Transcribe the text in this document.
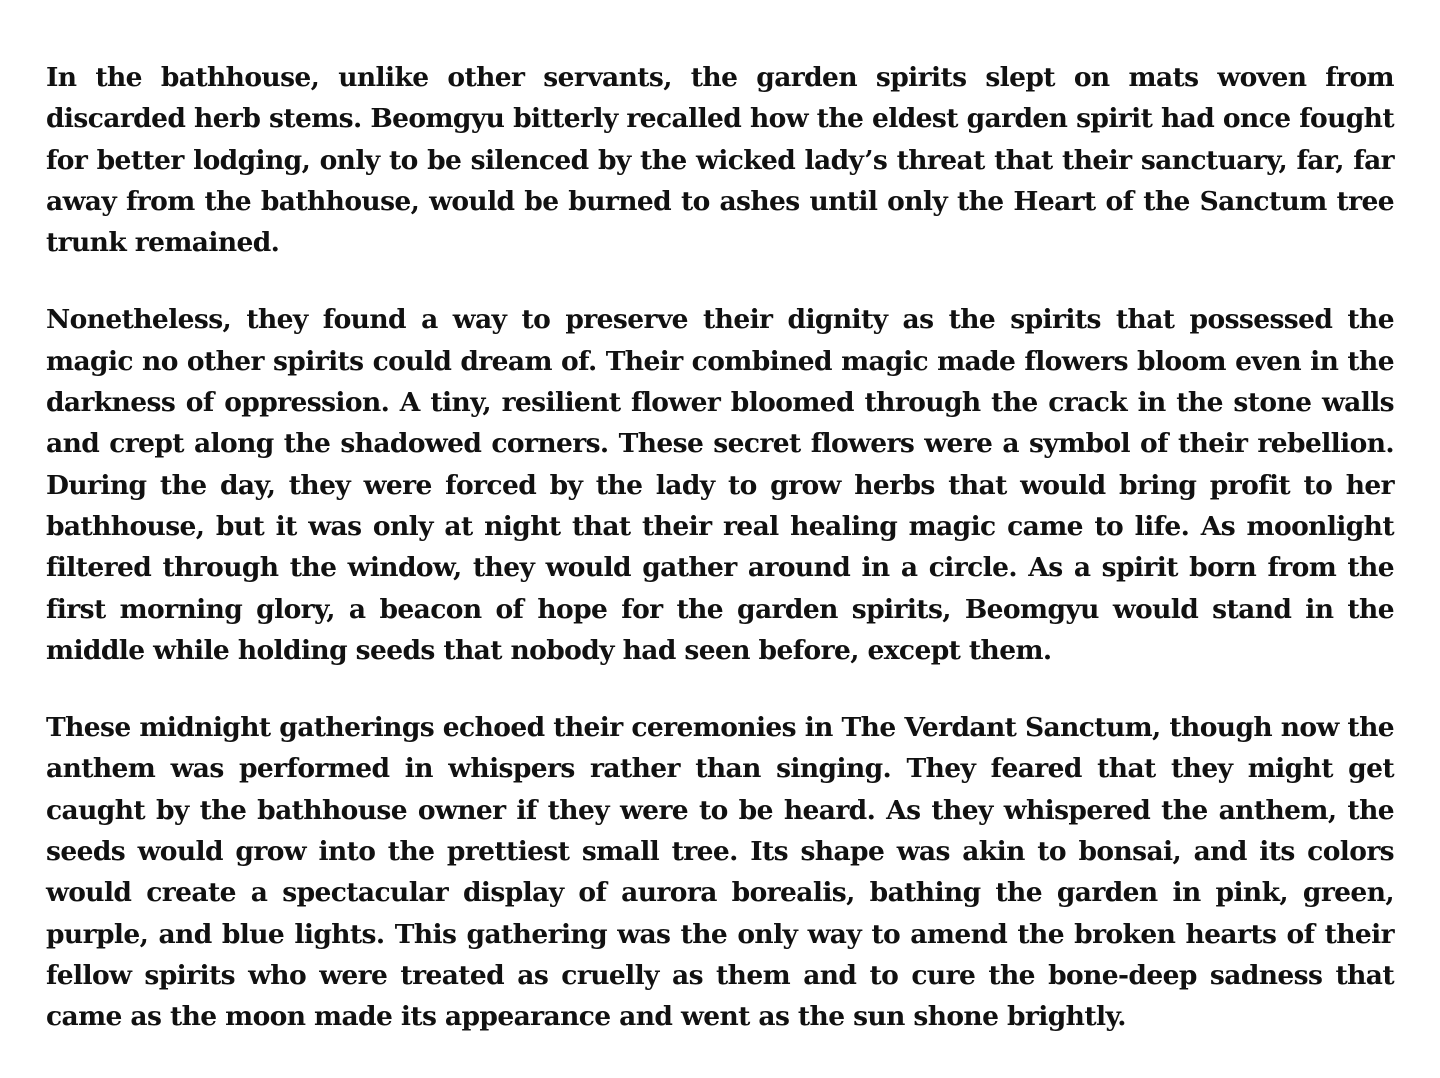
In the bathhouse, unlike other servants, the garden spirits slept on mats woven from discarded herb stems. Beomgyu bitterly recalled how the eldest garden spirit had once fought for better lodging, only to be silenced by the wicked lady’s threat that their sanctuary, far, far away from the bathhouse, would be burned to ashes until only the Heart of the Sanctum tree trunk remained.

Nonetheless, they found a way to preserve their dignity as the spirits that possessed the magic no other spirits could dream of. Their combined magic made flowers bloom even in the darkness of oppression. A tiny, resilient flower bloomed through the crack in the stone walls and crept along the shadowed corners. These secret flowers were a symbol of their rebellion. During the day, they were forced by the lady to grow herbs that would bring profit to her bathhouse, but it was only at night that their real healing magic came to life. As moonlight filtered through the window, they would gather around in a circle. As a spirit born from the first morning glory, a beacon of hope for the garden spirits, Beomgyu would stand in the middle while holding seeds that nobody had seen before, except them.

These midnight gatherings echoed their ceremonies in The Verdant Sanctum, though now the anthem was performed in whispers rather than singing. They feared that they might get caught by the bathhouse owner if they were to be heard. As they whispered the anthem, the seeds would grow into the prettiest small tree. Its shape was akin to bonsai, and its colors would create a spectacular display of aurora borealis, bathing the garden in pink, green, purple, and blue lights. This gathering was the only way to amend the broken hearts of their fellow spirits who were treated as cruelly as them and to cure the bone-deep sadness that came as the moon made its appearance and went as the sun shone brightly.
